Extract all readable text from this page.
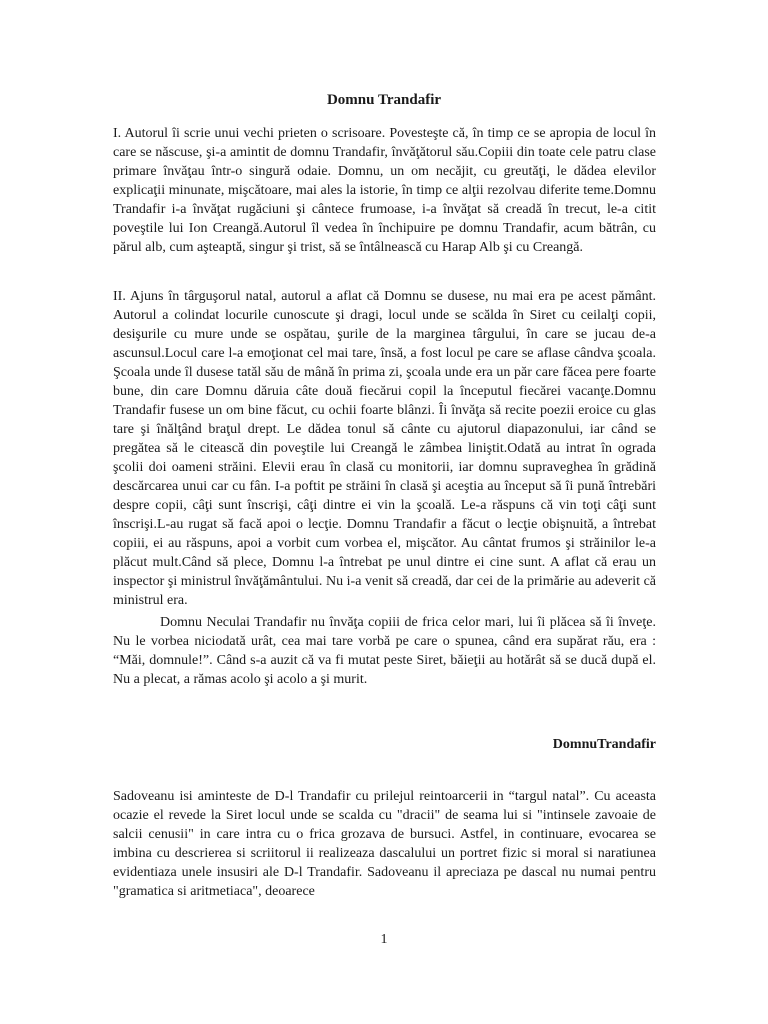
Domnu Trandafir

I. Autorul îi scrie unui vechi prieten o scrisoare. Povesteşte că, în timp ce se apropia de locul în care se născuse, şi-a amintit de domnu Trandafir, învăţătorul său.Copiii din toate cele patru clase primare învăţau într-o singură odaie. Domnu, un om necăjit, cu greutăţi, le dădea elevilor explicaţii minunate, mişcătoare, mai ales la istorie, în timp ce alţii rezolvau diferite teme.Domnu Trandafir i-a învăţat rugăciuni şi cântece frumoase, i-a învăţat să creadă în trecut, le-a citit poveştile lui Ion Creangă.Autorul îl vedea în închipuire pe domnu Trandafir, acum bătrân, cu părul alb, cum aşteaptă, singur şi trist, să se întâlnească cu Harap Alb şi cu Creangă.

II. Ajuns în târguşorul natal, autorul a aflat că Domnu se dusese, nu mai era pe acest pământ. Autorul a colindat locurile cunoscute şi dragi, locul unde se scălda în Siret cu ceilalţi copii, desişurile cu mure unde se ospătau, şurile de la marginea târgului, în care se jucau de-a ascunsul.Locul care l-a emoţionat cel mai tare, însă, a fost locul pe care se aflase cândva şcoala. Şcoala unde îl dusese tatăl său de mână în prima zi, şcoala unde era un păr care făcea pere foarte bune, din care Domnu dăruia câte două fiecărui copil la începutul fiecărei vacanţe.Domnu Trandafir fusese un om bine făcut, cu ochii foarte blânzi. Îi învăţa să recite poezii eroice cu glas tare şi înălţând braţul drept. Le dădea tonul să cânte cu ajutorul diapazonului, iar când se pregătea să le citească din poveştile lui Creangă le zâmbea liniştit.Odată au intrat în ograda şcolii doi oameni străini. Elevii erau în clasă cu monitorii, iar domnu supraveghea în grădină descărcarea unui car cu fân. I-a poftit pe străini în clasă şi aceştia au început să îi pună întrebări despre copii, câţi sunt înscrişi, câţi dintre ei vin la şcoală. Le-a răspuns că vin toţi câţi sunt înscrişi.L-au rugat să facă apoi o lecţie. Domnu Trandafir a făcut o lecţie obişnuită, a întrebat copiii, ei au răspuns, apoi a vorbit cum vorbea el, mişcător. Au cântat frumos şi străinilor le-a plăcut mult.Când să plece, Domnu l-a întrebat pe unul dintre ei cine sunt. A aflat că erau un inspector şi ministrul învăţământului. Nu i-a venit să creadă, dar cei de la primărie au adeverit că ministrul era.

Domnu Neculai Trandafir nu învăţa copiii de frica celor mari, lui îi plăcea să îi înveţe. Nu le vorbea niciodată urât, cea mai tare vorbă pe care o spunea, când era supărat rău, era : “Măi, domnule!”. Când s-a auzit că va fi mutat peste Siret, băieţii au hotărât să se ducă după el. Nu a plecat, a rămas acolo şi acolo a şi murit.

DomnuTrandafir

Sadoveanu isi aminteste de D-l Trandafir cu prilejul reintoarcerii in “targul natal”. Cu aceasta ocazie el revede la Siret locul unde se scalda cu "dracii" de seama lui si "intinsele zavoaie de salcii cenusii" in care intra cu o frica grozava de bursuci. Astfel, in continuare, evocarea se imbina cu descrierea si scriitorul ii realizeaza dascalului un portret fizic si moral si naratiunea evidentiaza unele insusiri ale D-l Trandafir. Sadoveanu il apreciaza pe dascal nu numai pentru "gramatica si aritmetiaca", deoarece

1
